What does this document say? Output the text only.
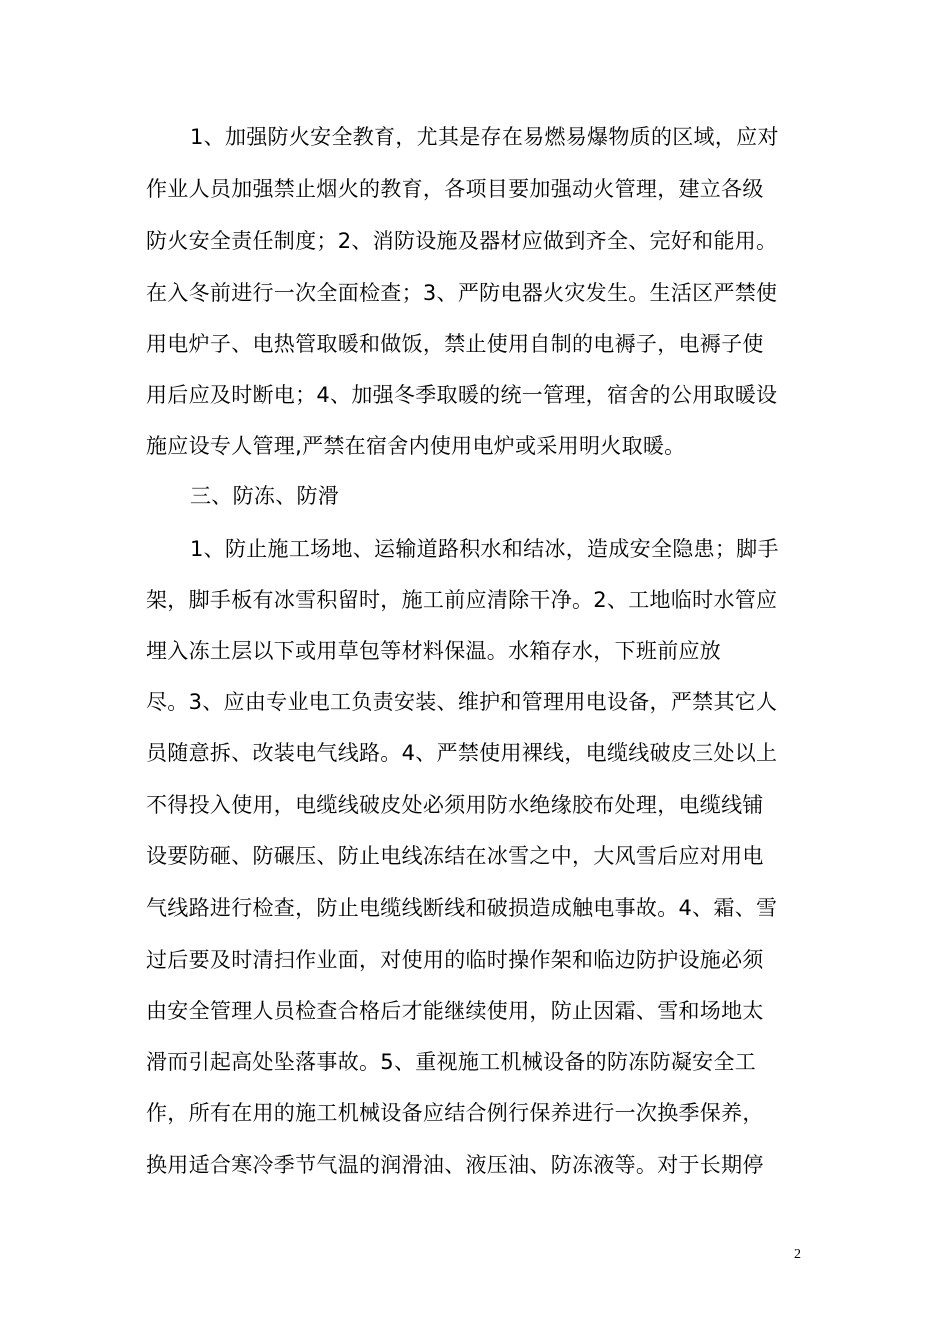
1、加强防火安全教育，尤其是存在易燃易爆物质的区域，应对
作业人员加强禁止烟火的教育，各项目要加强动火管理，建立各级
防火安全责任制度；2、消防设施及器材应做到齐全、完好和能用。
在入冬前进行一次全面检查；3、严防电器火灾发生。生活区严禁使
用电炉子、电热管取暖和做饭，禁止使用自制的电褥子，电褥子使
用后应及时断电；4、加强冬季取暖的统一管理，宿舍的公用取暖设
施应设专人管理,严禁在宿舍内使用电炉或采用明火取暖。
三、防冻、防滑
1、防止施工场地、运输道路积水和结冰，造成安全隐患；脚手
架，脚手板有冰雪积留时，施工前应清除干净。2、工地临时水管应
埋入冻土层以下或用草包等材料保温。水箱存水，下班前应放
尽。3、应由专业电工负责安装、维护和管理用电设备，严禁其它人
员随意拆、改装电气线路。4、严禁使用裸线，电缆线破皮三处以上
不得投入使用，电缆线破皮处必须用防水绝缘胶布处理，电缆线铺
设要防砸、防碾压、防止电线冻结在冰雪之中，大风雪后应对用电
气线路进行检查，防止电缆线断线和破损造成触电事故。4、霜、雪
过后要及时清扫作业面，对使用的临时操作架和临边防护设施必须
由安全管理人员检查合格后才能继续使用，防止因霜、雪和场地太
滑而引起高处坠落事故。5、重视施工机械设备的防冻防凝安全工
作，所有在用的施工机械设备应结合例行保养进行一次换季保养，
换用适合寒冷季节气温的润滑油、液压油、防冻液等。对于长期停
2
